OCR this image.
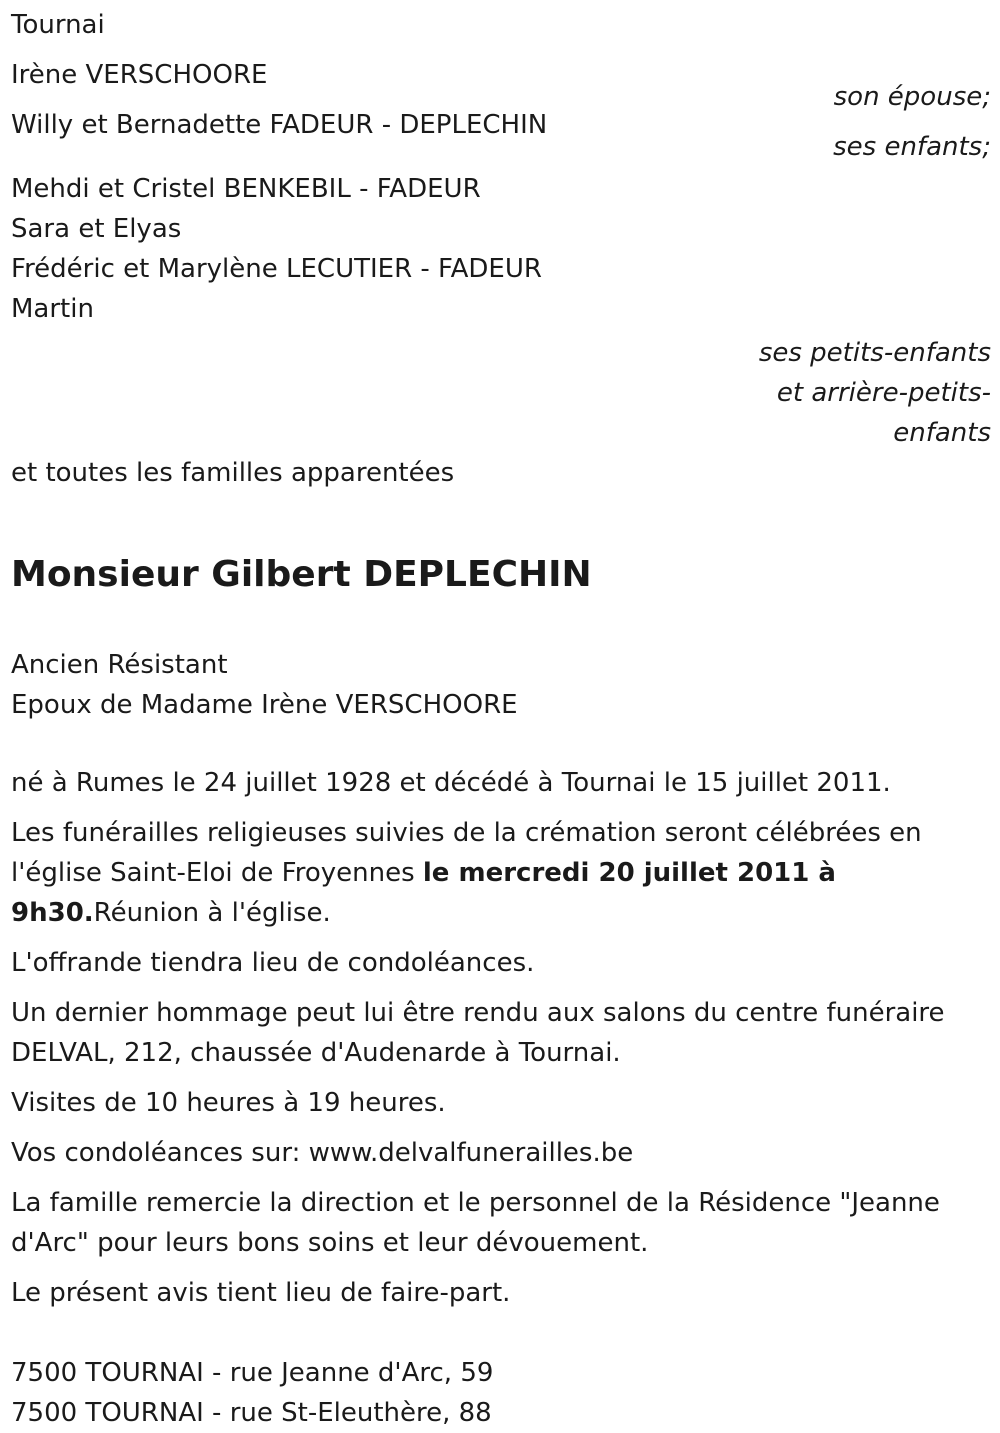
Tournai
Irène VERSCHOORE
son épouse;
Willy et Bernadette FADEUR - DEPLECHIN
ses enfants;
Mehdi et Cristel BENKEBIL - FADEUR
Sara et Elyas
Frédéric et Marylène LECUTIER - FADEUR
Martin
ses petits-enfants
et arrière-petits-
enfants
et toutes les familles apparentées
Monsieur Gilbert DEPLECHIN
Ancien Résistant
Epoux de Madame Irène VERSCHOORE
né à Rumes le 24 juillet 1928 et décédé à Tournai le 15 juillet 2011.
Les funérailles religieuses suivies de la crémation seront célébrées en l'église Saint-Eloi de Froyennes le mercredi 20 juillet 2011 à 9h30.Réunion à l'église.
L'offrande tiendra lieu de condoléances.
Un dernier hommage peut lui être rendu aux salons du centre funéraire DELVAL, 212, chaussée d'Audenarde à Tournai.
Visites de 10 heures à 19 heures.
Vos condoléances sur: www.delvalfunerailles.be
La famille remercie la direction et le personnel de la Résidence "Jeanne d'Arc" pour leurs bons soins et leur dévouement.
Le présent avis tient lieu de faire-part.
7500 TOURNAI - rue Jeanne d'Arc, 59
7500 TOURNAI - rue St-Eleuthère, 88
